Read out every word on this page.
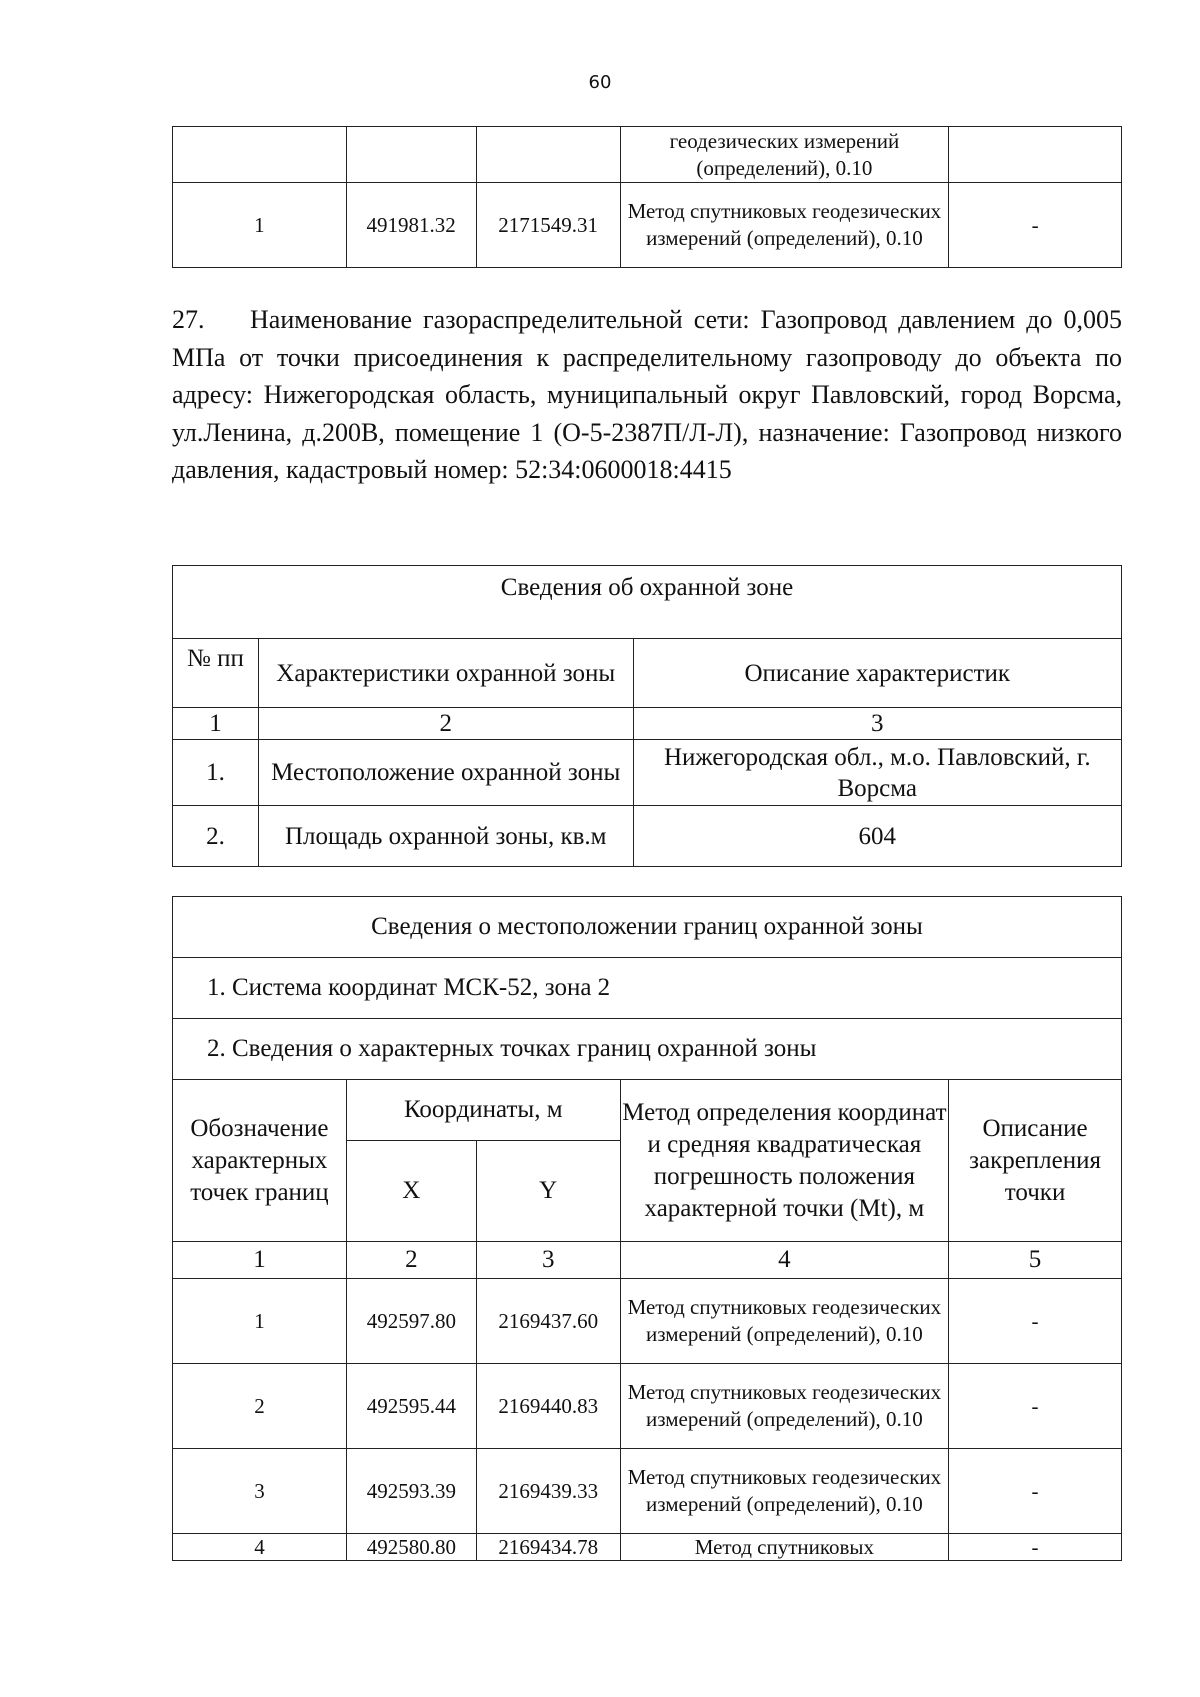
60
			геодезических измерений (определений), 0.10	
1	491981.32	2171549.31	Метод спутниковых геодезических измерений (определений), 0.10	-
27. Наименование газораспределительной сети: Газопровод давлением до 0,005 МПа от точки присоединения к распределительному газопроводу до объекта по адресу: Нижегородская область, муниципальный округ Павловский, город Ворсма, ул.Ленина, д.200В, помещение 1 (О-5-2387П/Л-Л), назначение: Газопровод низкого давления, кадастровый номер: 52:34:0600018:4415
Сведения об охранной зоне		
№ пп	Характеристики охранной зоны	Описание характеристик
1	2	3
1.	Местоположение охранной зоны	Нижегородская обл., м.о. Павловский, г. Ворсма
2.	Площадь охранной зоны, кв.м	604
Сведения о местоположении границ охранной зоны				
1. Система координат МСК-52, зона 2				
2. Сведения о характерных точках границ охранной зоны				
Обозначение характерных точек границ	Координаты, м		Метод определения координат и средняя квадратическая погрешность положения характерной точки (Mt), м	Описание закрепления точки
	X	Y		
1	2	3	4	5
1	492597.80	2169437.60	Метод спутниковых геодезических измерений (определений), 0.10	-
2	492595.44	2169440.83	Метод спутниковых геодезических измерений (определений), 0.10	-
3	492593.39	2169439.33	Метод спутниковых геодезических измерений (определений), 0.10	-
4	492580.80	2169434.78	Метод спутниковых	-
